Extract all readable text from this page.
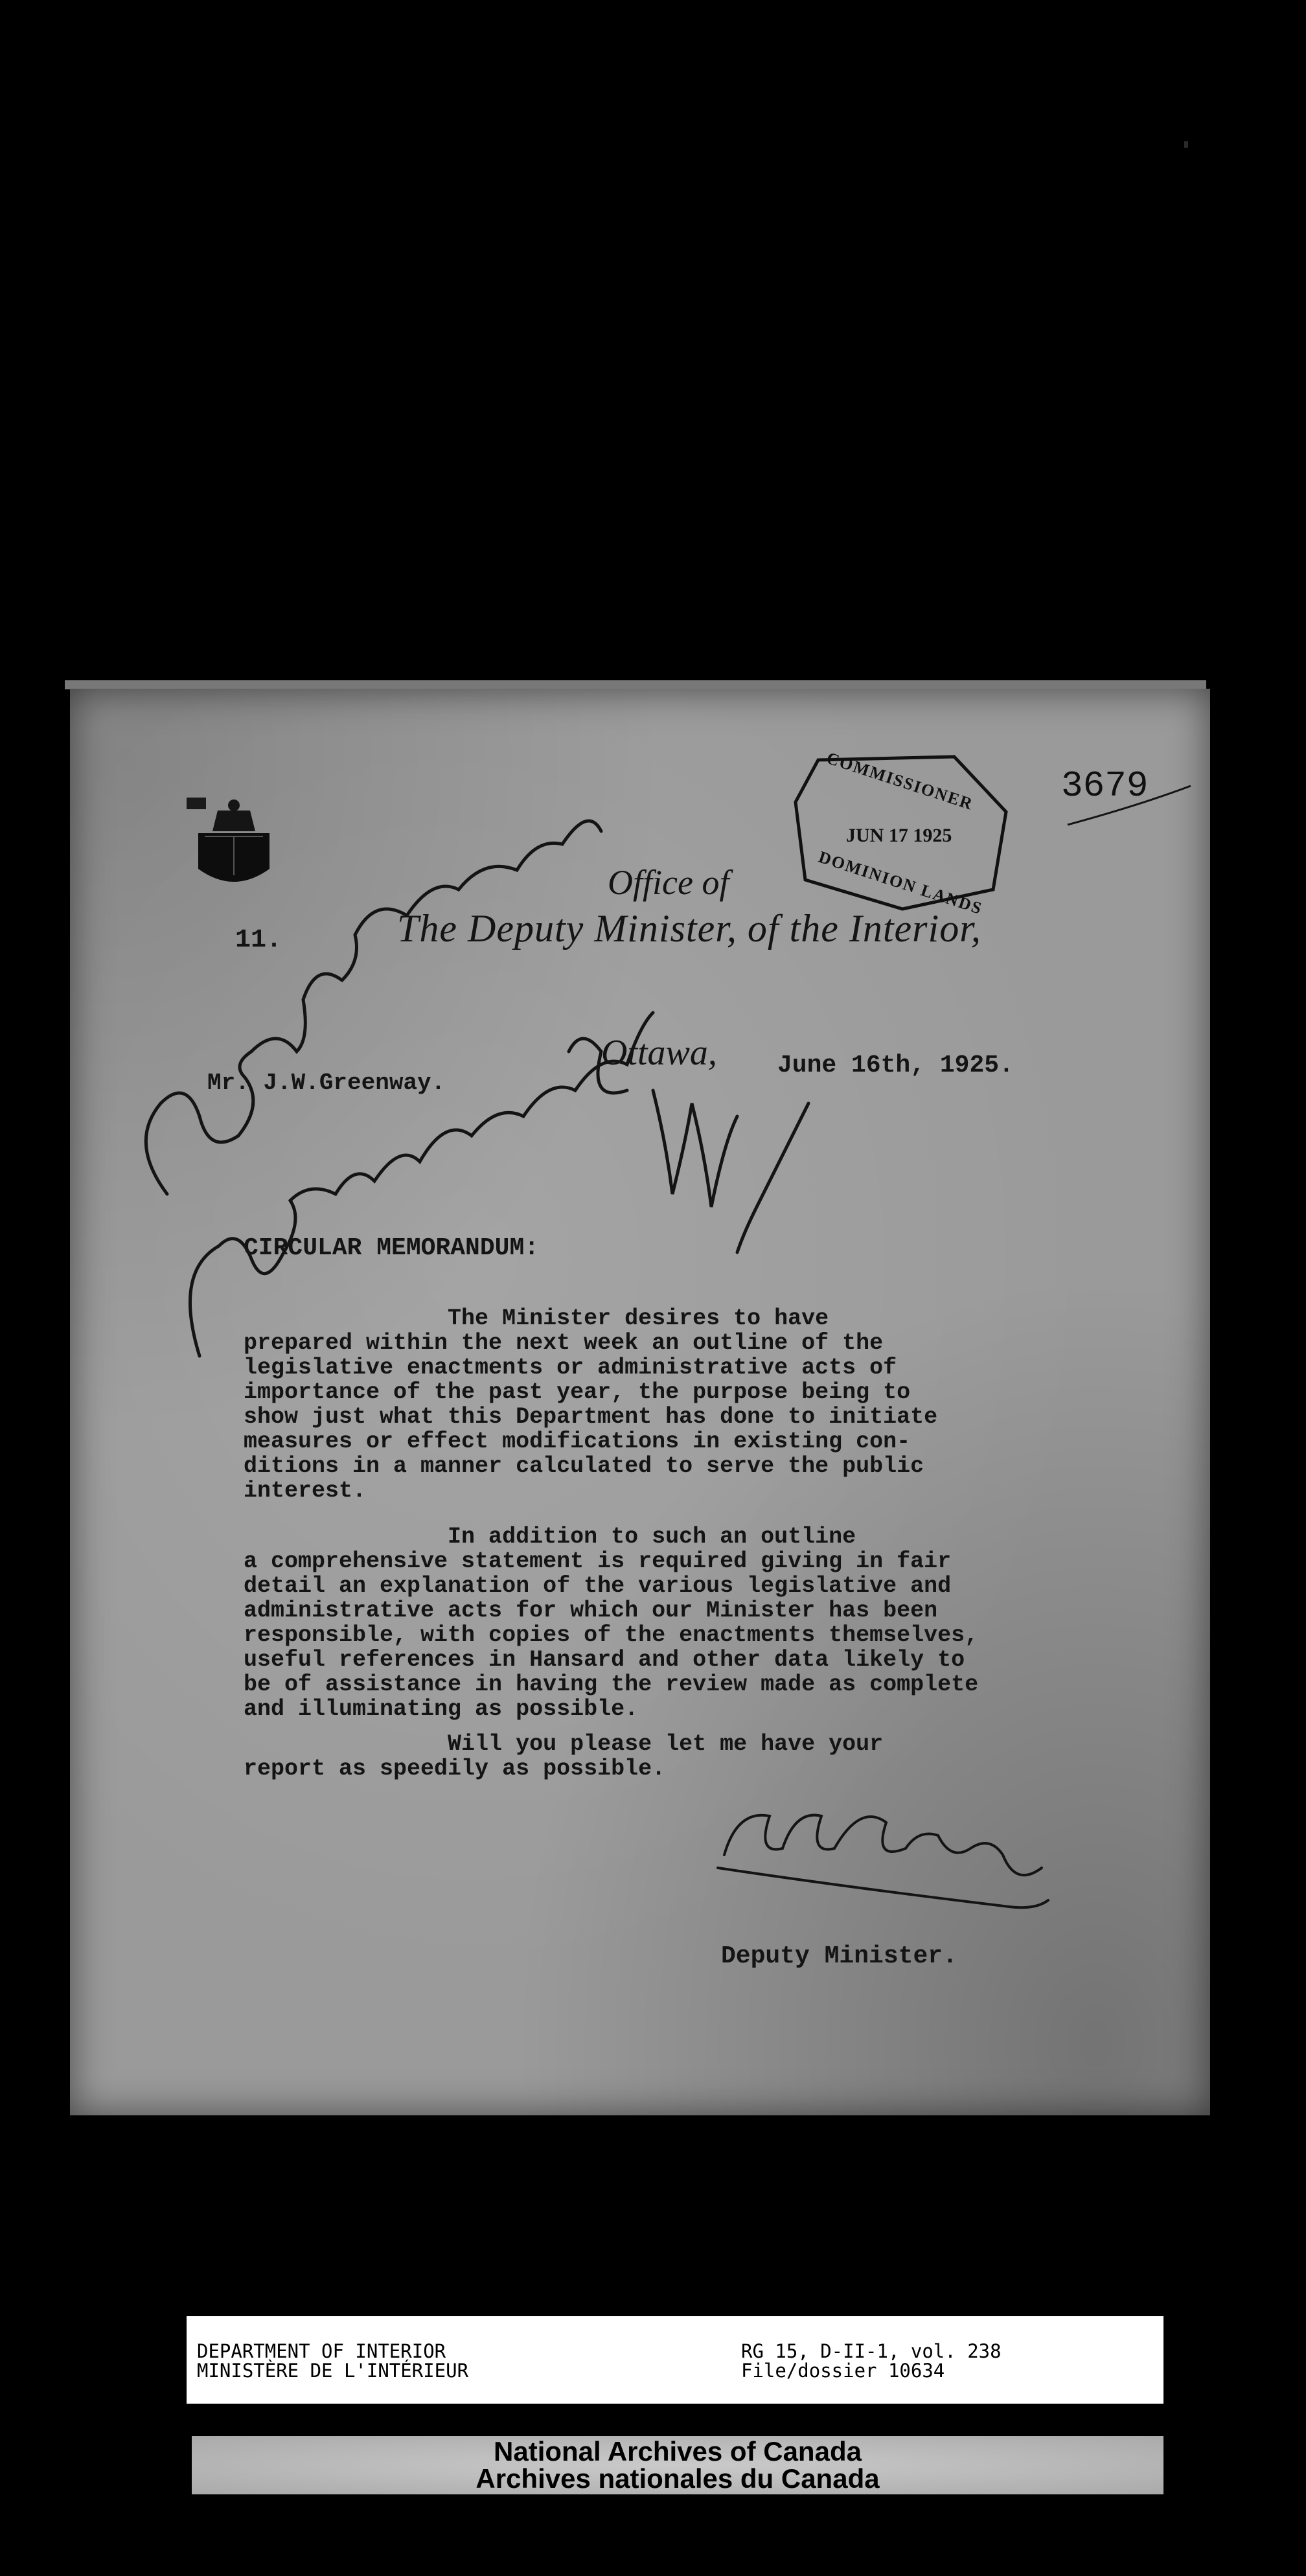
11.
Office of
The Deputy Minister, of the Interior,
Ottawa, June 16th, 1925.
Mr. J.W.Greenway.
CIRCULAR MEMORANDUM:
The Minister desires to have
prepared within the next week an outline of the
legislative enactments or administrative acts of
importance of the past year, the purpose being to
show just what this Department has done to initiate
measures or effect modifications in existing con-
ditions in a manner calculated to serve the public
interest.
In addition to such an outline
a comprehensive statement is required giving in fair
detail an explanation of the various legislative and
administrative acts for which our Minister has been
responsible, with copies of the enactments themselves,
useful references in Hansard and other data likely to
be of assistance in having the review made as complete
and illuminating as possible.
Will you please let me have your
report as speedily as possible.
Deputy Minister.
COMMISSIONER
JUN 17 1925
DOMINION LANDS
3679
DEPARTMENT OF INTERIOR
MINISTÈRE DE L'INTÉRIEUR
RG 15, D-II-1, vol. 238
File/dossier 10634
National Archives of Canada
Archives nationales du Canada
